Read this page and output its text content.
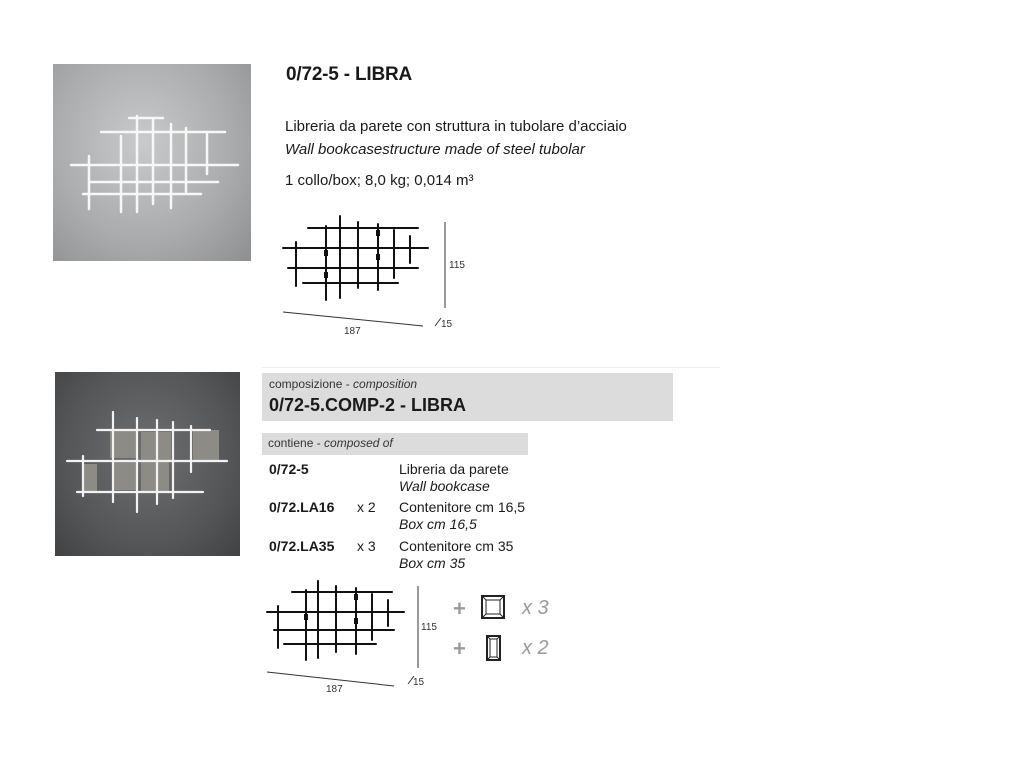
0/72-5 - LIBRA
Libreria da parete con struttura in tubolare d’acciaio
Wall bookcasestructure made of steel tubolar
1 collo/box; 8,0 kg; 0,014 m³
115
187
15
composizione - composition
0/72-5.COMP-2 - LIBRA
contiene - composed of
0/72-5	Libreria da parete
Wall bookcase
0/72.LA16 x 2 Contenitore cm 16,5
Box cm 16,5
0/72.LA35 x 3 Contenitore cm 35
Box cm 35
115
187
15
+	x 3
+	x 2
